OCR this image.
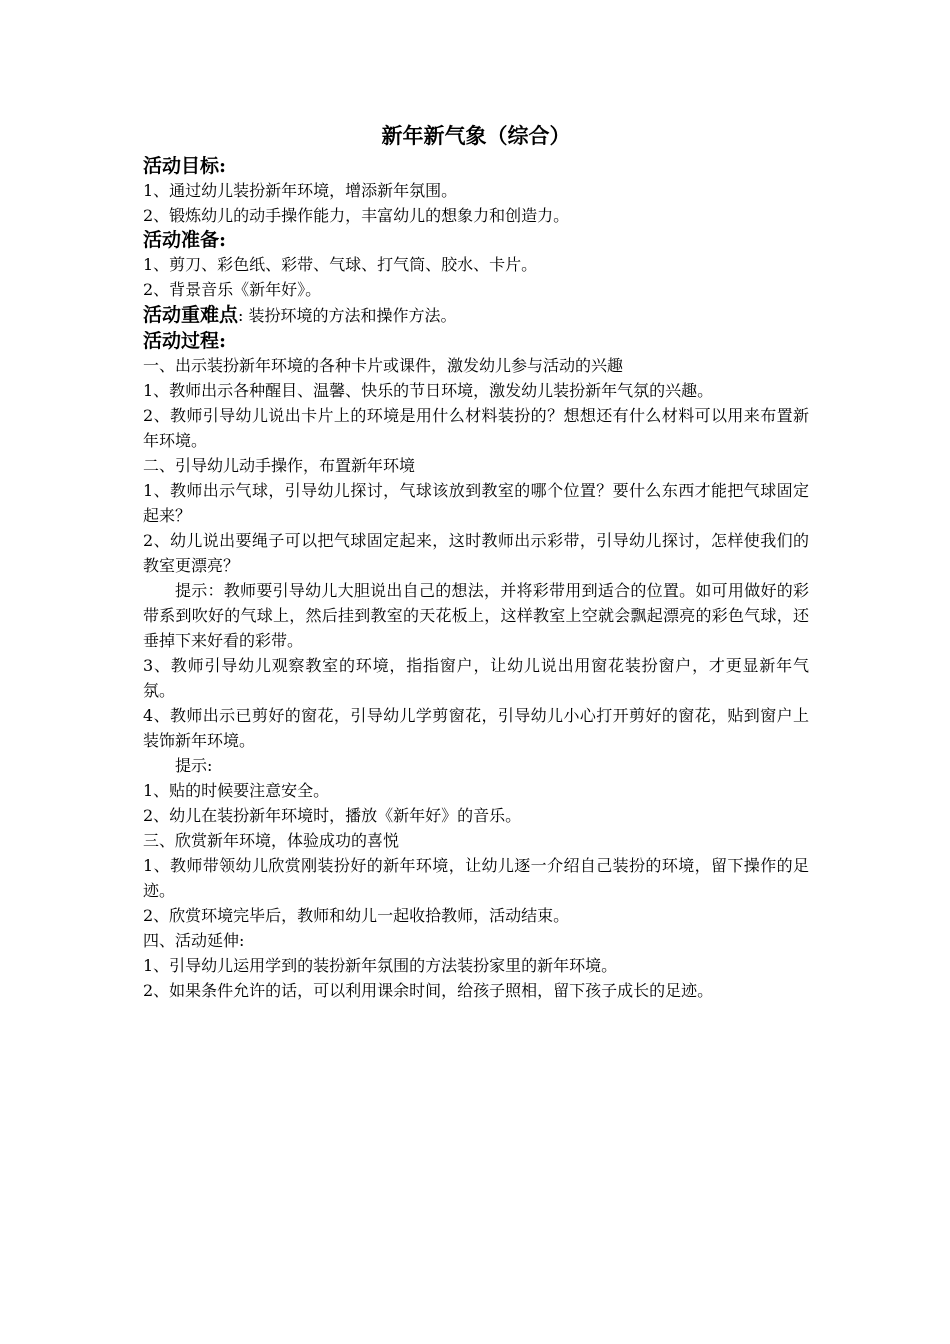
新年新气象（综合）

活动目标:

1、通过幼儿装扮新年环境，增添新年氛围。

2、锻炼幼儿的动手操作能力，丰富幼儿的想象力和创造力。

活动准备:

1、剪刀、彩色纸、彩带、气球、打气筒、胶水、卡片。

2、背景音乐《新年好》。

活动重难点: 装扮环境的方法和操作方法。

活动过程:

一、出示装扮新年环境的各种卡片或课件，激发幼儿参与活动的兴趣

1、教师出示各种醒目、温馨、快乐的节日环境，激发幼儿装扮新年气氛的兴趣。

2、教师引导幼儿说出卡片上的环境是用什么材料装扮的？想想还有什么材料可以用来布置新年环境。

二、引导幼儿动手操作，布置新年环境

1、教师出示气球，引导幼儿探讨，气球该放到教室的哪个位置？要什么东西才能把气球固定起来？

2、幼儿说出要绳子可以把气球固定起来，这时教师出示彩带，引导幼儿探讨，怎样使我们的教室更漂亮？

提示：教师要引导幼儿大胆说出自己的想法，并将彩带用到适合的位置。如可用做好的彩带系到吹好的气球上，然后挂到教室的天花板上，这样教室上空就会飘起漂亮的彩色气球，还垂掉下来好看的彩带。

3、教师引导幼儿观察教室的环境，指指窗户，让幼儿说出用窗花装扮窗户，才更显新年气氛。

4、教师出示已剪好的窗花，引导幼儿学剪窗花，引导幼儿小心打开剪好的窗花，贴到窗户上装饰新年环境。

提示:

1、贴的时候要注意安全。

2、幼儿在装扮新年环境时，播放《新年好》的音乐。

三、欣赏新年环境，体验成功的喜悦

1、教师带领幼儿欣赏刚装扮好的新年环境，让幼儿逐一介绍自己装扮的环境，留下操作的足迹。

2、欣赏环境完毕后，教师和幼儿一起收拾教师，活动结束。

四、活动延伸:

1、引导幼儿运用学到的装扮新年氛围的方法装扮家里的新年环境。

2、如果条件允许的话，可以利用课余时间，给孩子照相，留下孩子成长的足迹。
